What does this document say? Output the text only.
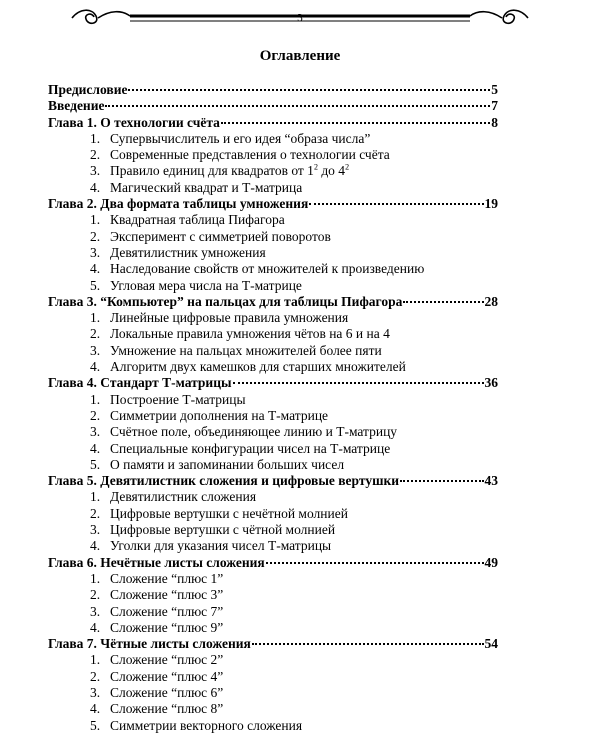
3
Оглавление
Предисловие	5
Введение	7
Глава 1. О технологии счёта	8
1. Супервычислитель и его идея “образа числа”
2. Современные представления о технологии счёта
3. Правило единиц для квадратов от $1^2$ до $4^2$
4. Магический квадрат и Т-матрица
Глава 2. Два формата таблицы умножения	19
1. Квадратная таблица Пифагора
2. Эксперимент с симметрией поворотов
3. Девятилистник умножения
4. Наследование свойств от множителей к произведению
5. Угловая мера числа на Т-матрице
Глава 3. “Компьютер” на пальцах для таблицы Пифагора	28
1. Линейные цифровые правила умножения
2. Локальные правила умножения чётов на 6 и на 4
3. Умножение на пальцах множителей более пяти
4. Алгоритм двух камешков для старших множителей
Глава 4. Стандарт Т-матрицы	36
1. Построение Т-матрицы
2. Симметрии дополнения на Т-матрице
3. Счётное поле, объединяющее линию и Т-матрицу
4. Специальные конфигурации чисел на Т-матрице
5. О памяти и запоминании больших чисел
Глава 5. Девятилистник сложения и цифровые вертушки	43
1. Девятилистник сложения
2. Цифровые вертушки с нечётной молнией
3. Цифровые вертушки с чётной молнией
4. Уголки для указания чисел Т-матрицы
Глава 6. Нечётные листы сложения	49
1. Сложение “плюс 1”
2. Сложение “плюс 3”
3. Сложение “плюс 7”
4. Сложение “плюс 9”
Глава 7. Чётные листы сложения	54
1. Сложение “плюс 2”
2. Сложение “плюс 4”
3. Сложение “плюс 6”
4. Сложение “плюс 8”
5. Симметрии векторного сложения
